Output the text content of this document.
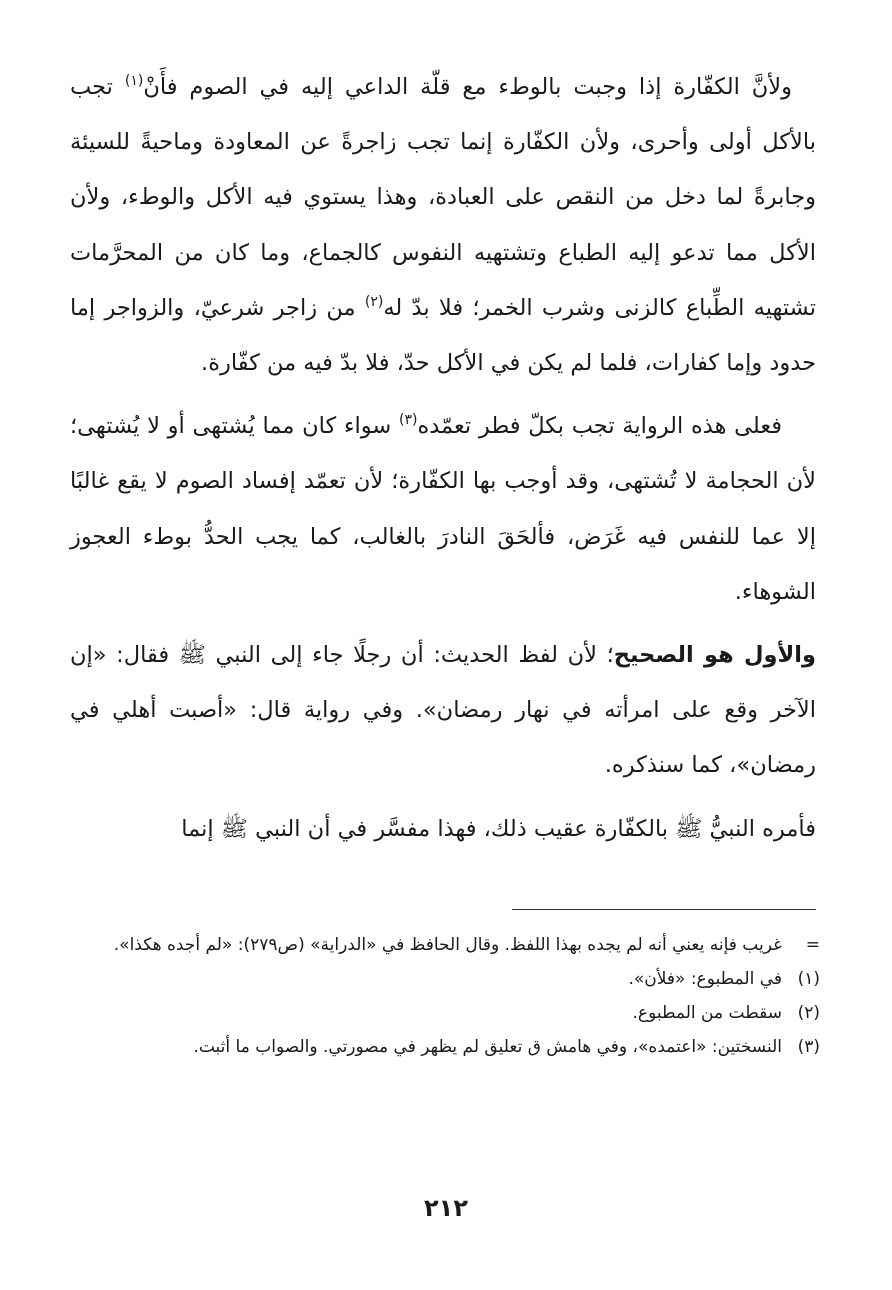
ولأنَّ الكفّارة إذا وجبت بالوطء مع قلّة الداعي إليه في الصوم فأَنْ$^{(١)}$ تجب بالأكل أولى وأحرى، ولأن الكفّارة إنما تجب زاجرةً عن المعاودة وماحيةً للسيئة وجابرةً لما دخل من النقص على العبادة، وهذا يستوي فيه الأكل والوطء، ولأن الأكل مما تدعو إليه الطباع وتشتهيه النفوس كالجماع، وما كان من المحرَّمات تشتهيه الطِّباع كالزنى وشرب الخمر؛ فلا بدّ له$^{(٢)}$ من زاجر شرعيّ، والزواجر إما حدود وإما كفارات، فلما لم يكن في الأكل حدّ، فلا بدّ فيه من كفّارة.

فعلى هذه الرواية تجب بكلّ فطر تعمّده$^{(٣)}$ سواء كان مما يُشتهى أو لا يُشتهى؛ لأن الحجامة لا تُشتهى، وقد أوجب بها الكفّارة؛ لأن تعمّد إفساد الصوم لا يقع غالبًا إلا عما للنفس فيه غَرَض، فألحَقَ النادرَ بالغالب، كما يجب الحدُّ بوطء العجوز الشوهاء.

والأول هو الصحيح؛ لأن لفظ الحديث: أن رجلًا جاء إلى النبي ﷺ فقال: «إن الآخر وقع على امرأته في نهار رمضان». وفي رواية قال: «أصبت أهلي في رمضان»، كما سنذكره.

فأمره النبيُّ ﷺ بالكفّارة عقيب ذلك، فهذا مفسَّر في أن النبي ﷺ إنما

=
غريب فإنه يعني أنه لم يجده بهذا اللفظ. وقال الحافظ في «الدراية» (ص٢٧٩): «لم أجده هكذا».
(١)
في المطبوع: «فلأن».
(٢)
سقطت من المطبوع.
(٣)
النسختين: «اعتمده»، وفي هامش ق تعليق لم يظهر في مصورتي. والصواب ما أثبت.
٢١٢
